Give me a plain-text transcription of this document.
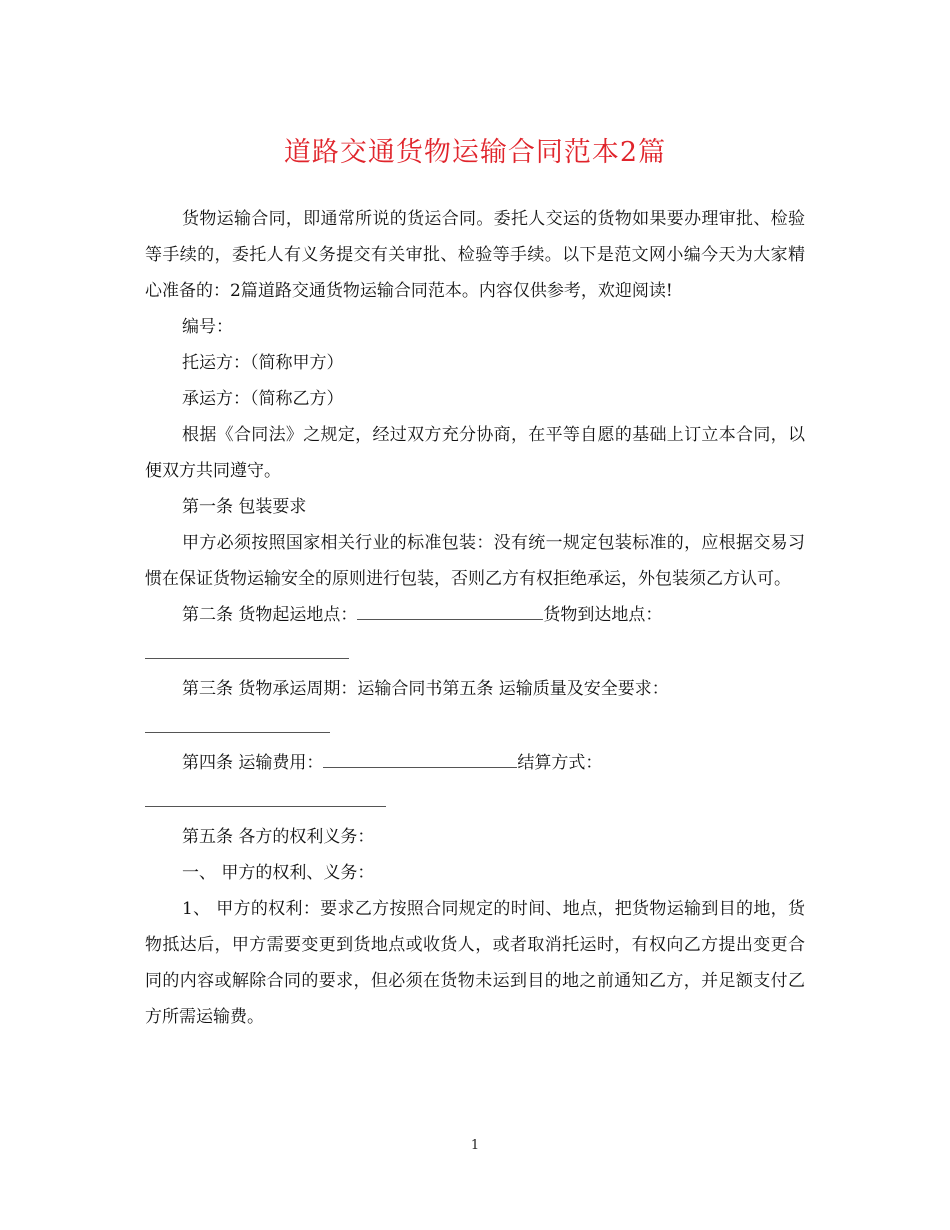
道路交通货物运输合同范本2篇

货物运输合同，即通常所说的货运合同。委托人交运的货物如果要办理审批、检验等手续的，委托人有义务提交有关审批、检验等手续。以下是范文网小编今天为大家精心准备的：2篇道路交通货物运输合同范本。内容仅供参考，欢迎阅读!

编号：

托运方：（简称甲方）

承运方：（简称乙方）

根据《合同法》之规定，经过双方充分协商，在平等自愿的基础上订立本合同，以便双方共同遵守。

第一条 包装要求

甲方必须按照国家相关行业的标准包装：没有统一规定包装标准的，应根据交易习惯在保证货物运输安全的原则进行包装，否则乙方有权拒绝承运，外包装须乙方认可。

第二条 货物起运地点：	货物到达地点：

第三条 货物承运周期：运输合同书第五条 运输质量及安全要求：

第四条 运输费用：	结算方式：

第五条 各方的权利义务：

一、 甲方的权利、义务：

1、 甲方的权利：要求乙方按照合同规定的时间、地点，把货物运输到目的地，货物抵达后，甲方需要变更到货地点或收货人，或者取消托运时，有权向乙方提出变更合同的内容或解除合同的要求，但必须在货物未运到目的地之前通知乙方，并足额支付乙方所需运输费。

1
